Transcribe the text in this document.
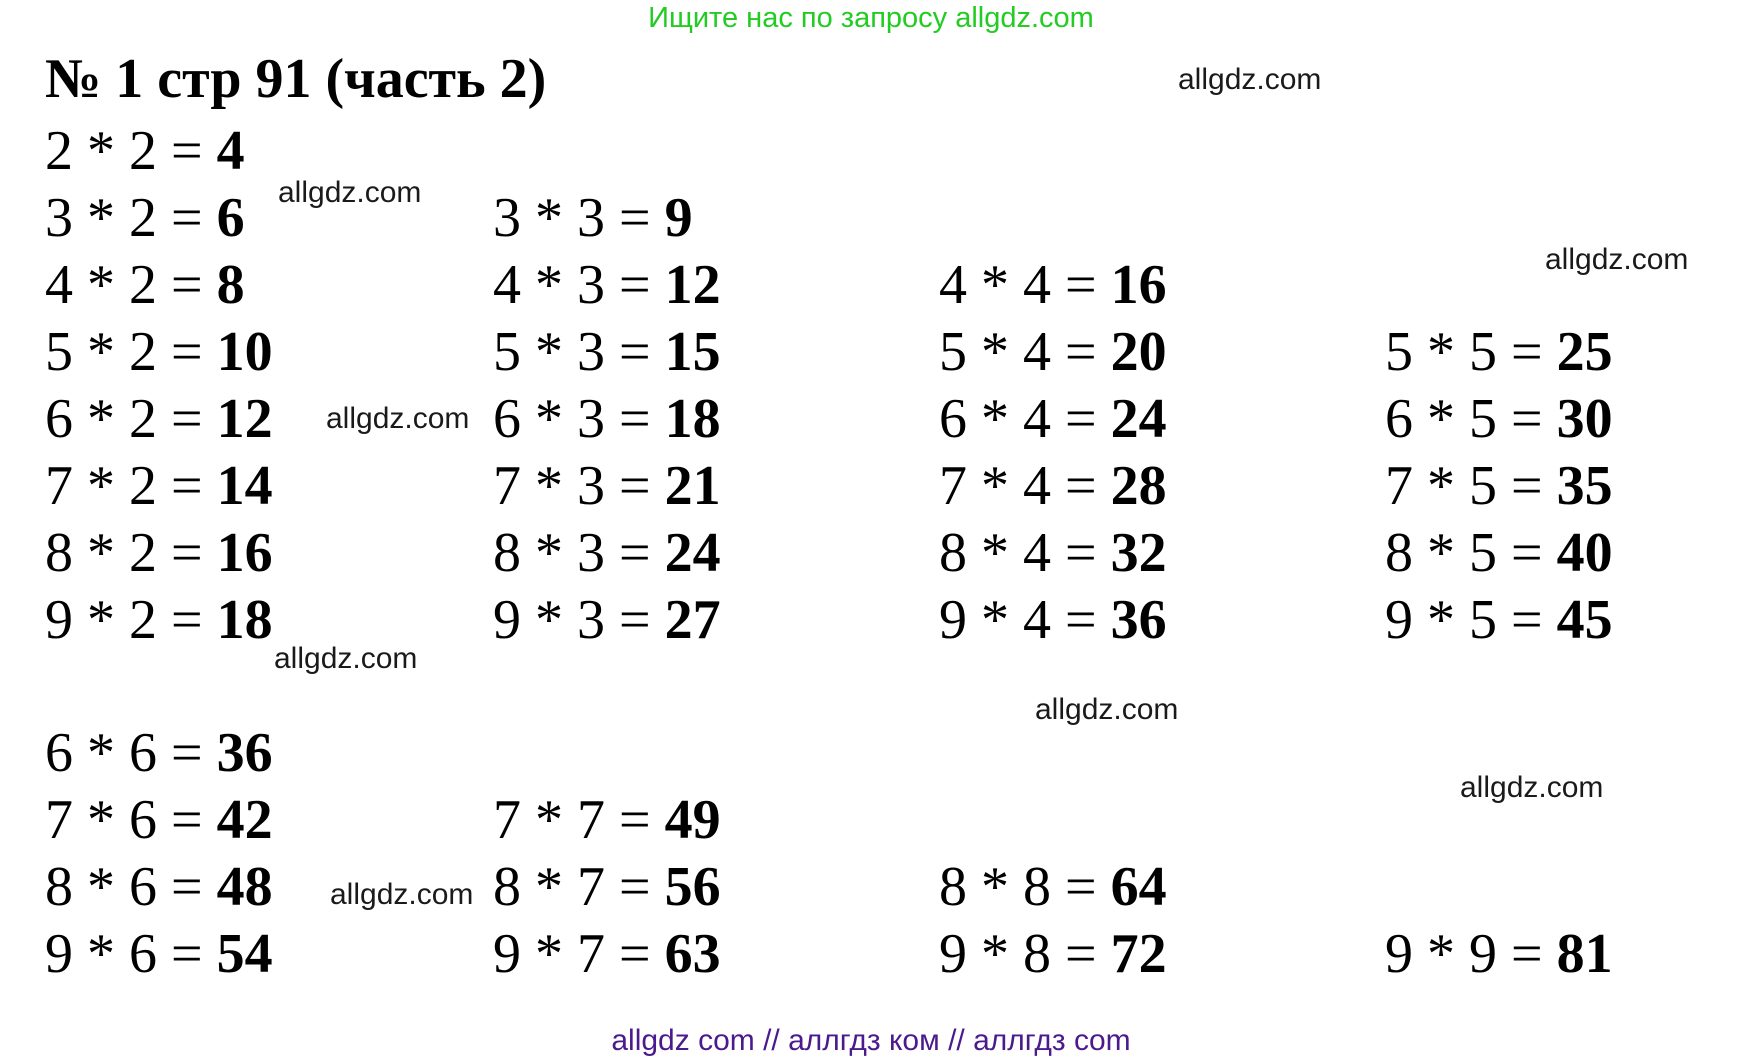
Ищите нас по запросу allgdz.com
№ 1 стр 91 (часть 2)
2 * 2 = 4
3 * 2 = 6
4 * 2 = 8
5 * 2 = 10
6 * 2 = 12
7 * 2 = 14
8 * 2 = 16
9 * 2 = 18
3 * 3 = 9
4 * 3 = 12
5 * 3 = 15
6 * 3 = 18
7 * 3 = 21
8 * 3 = 24
9 * 3 = 27
4 * 4 = 16
5 * 4 = 20
6 * 4 = 24
7 * 4 = 28
8 * 4 = 32
9 * 4 = 36
5 * 5 = 25
6 * 5 = 30
7 * 5 = 35
8 * 5 = 40
9 * 5 = 45
6 * 6 = 36
7 * 6 = 42
8 * 6 = 48
9 * 6 = 54
7 * 7 = 49
8 * 7 = 56
9 * 7 = 63
8 * 8 = 64
9 * 8 = 72	9 * 9 = 81
allgdz.com
allgdz.com
allgdz.com
allgdz.com
allgdz.com
allgdz.com
allgdz.com
allgdz.com
allgdz com // аллгдз ком // аллгдз com
